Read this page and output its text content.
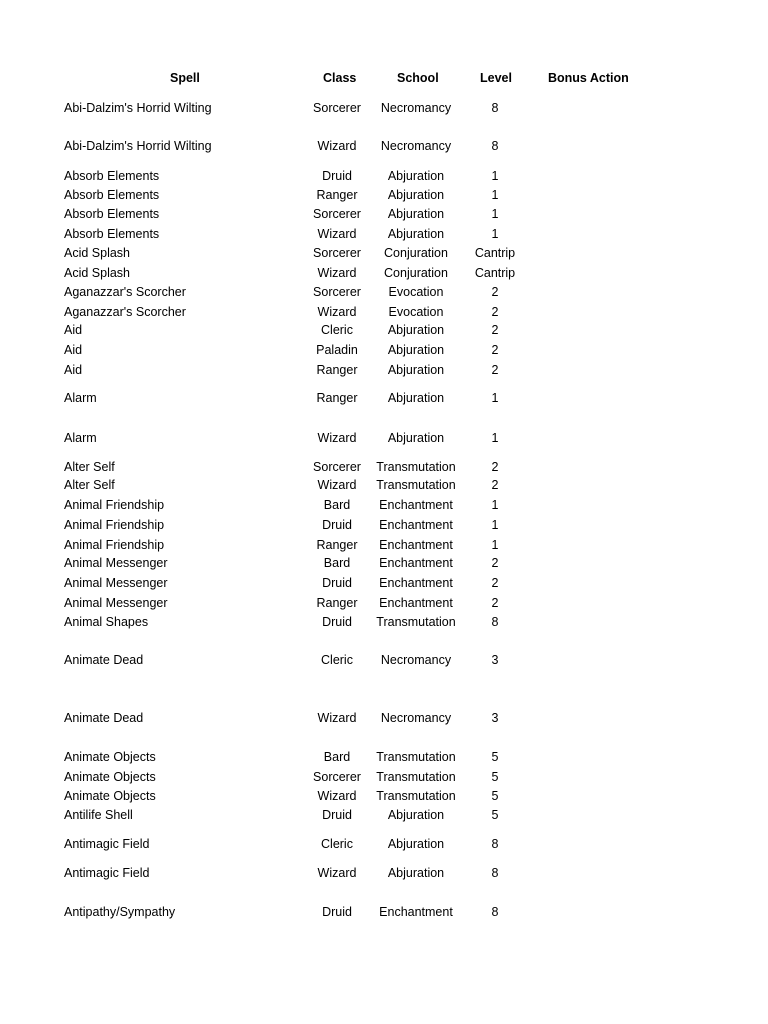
Spell	Class	School	Level	Bonus Action
Abi-Dalzim's Horrid Wilting	Sorcerer	Necromancy	8
Abi-Dalzim's Horrid Wilting	Wizard	Necromancy	8
Absorb Elements	Druid	Abjuration	1
Absorb Elements	Ranger	Abjuration	1
Absorb Elements	Sorcerer	Abjuration	1
Absorb Elements	Wizard	Abjuration	1
Acid Splash	Sorcerer	Conjuration	Cantrip
Acid Splash	Wizard	Conjuration	Cantrip
Aganazzar's Scorcher	Sorcerer	Evocation	2
Aganazzar's Scorcher	Wizard	Evocation	2
Aid	Cleric	Abjuration	2
Aid	Paladin	Abjuration	2
Aid	Ranger	Abjuration	2
Alarm	Ranger	Abjuration	1
Alarm	Wizard	Abjuration	1
Alter Self	Sorcerer	Transmutation	2
Alter Self	Wizard	Transmutation	2
Animal Friendship	Bard	Enchantment	1
Animal Friendship	Druid	Enchantment	1
Animal Friendship	Ranger	Enchantment	1
Animal Messenger	Bard	Enchantment	2
Animal Messenger	Druid	Enchantment	2
Animal Messenger	Ranger	Enchantment	2
Animal Shapes	Druid	Transmutation	8
Animate Dead	Cleric	Necromancy	3
Animate Dead	Wizard	Necromancy	3
Animate Objects	Bard	Transmutation	5
Animate Objects	Sorcerer	Transmutation	5
Animate Objects	Wizard	Transmutation	5
Antilife Shell	Druid	Abjuration	5
Antimagic Field	Cleric	Abjuration	8
Antimagic Field	Wizard	Abjuration	8
Antipathy/Sympathy	Druid	Enchantment	8
